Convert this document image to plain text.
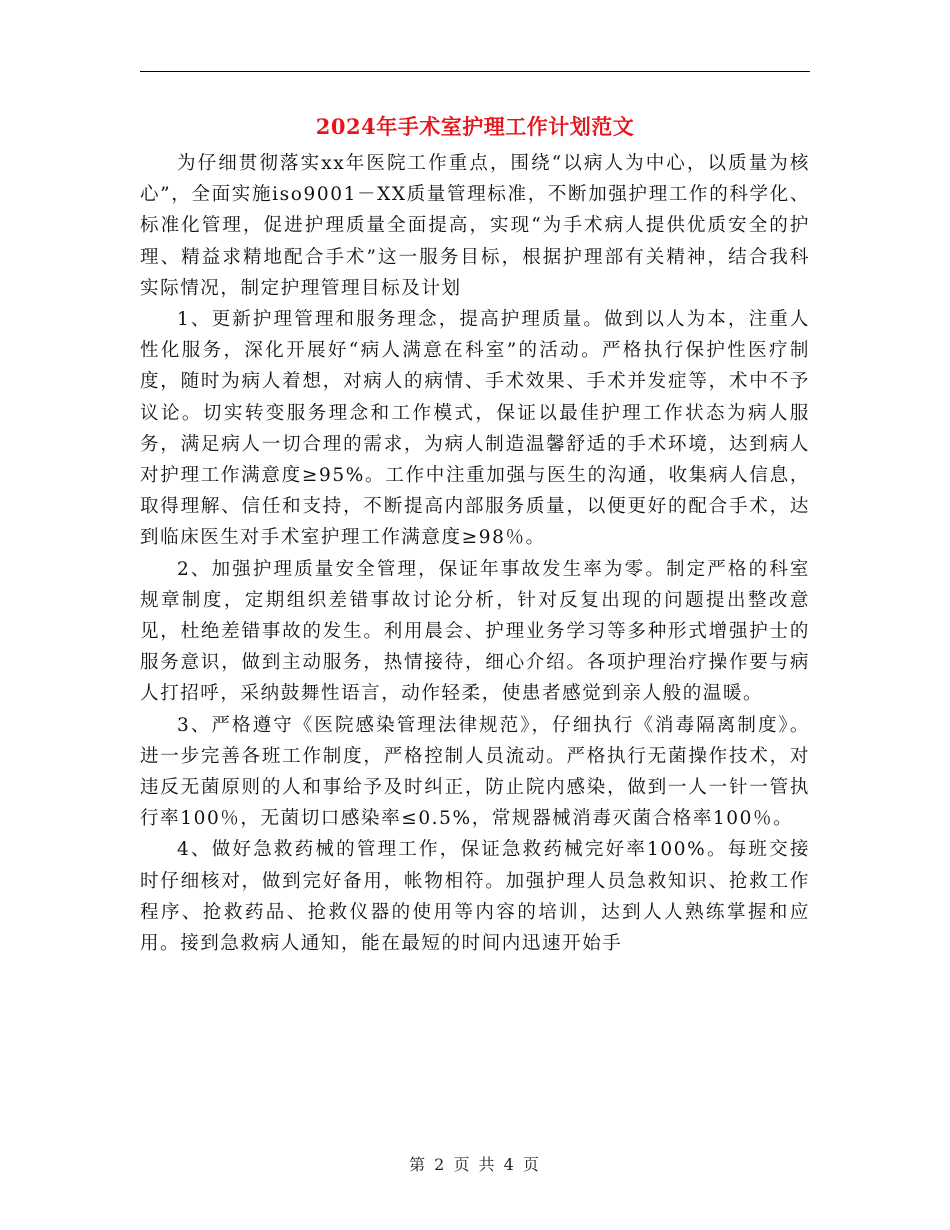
2024年手术室护理工作计划范文

为仔细贯彻落实xx年医院工作重点，围绕“以病人为中心，以质量为核心”，全面实施iso9001－XX质量管理标准，不断加强护理工作的科学化、标准化管理，促进护理质量全面提高，实现“为手术病人提供优质安全的护理、精益求精地配合手术”这一服务目标，根据护理部有关精神，结合我科实际情况，制定护理管理目标及计划

1、更新护理管理和服务理念，提高护理质量。做到以人为本，注重人性化服务，深化开展好“病人满意在科室”的活动。严格执行保护性医疗制度，随时为病人着想，对病人的病情、手术效果、手术并发症等，术中不予议论。切实转变服务理念和工作模式，保证以最佳护理工作状态为病人服务，满足病人一切合理的需求，为病人制造温馨舒适的手术环境，达到病人对护理工作满意度≥95%。工作中注重加强与医生的沟通，收集病人信息，取得理解、信任和支持，不断提高内部服务质量，以便更好的配合手术，达到临床医生对手术室护理工作满意度≥98％。

2、加强护理质量安全管理，保证年事故发生率为零。制定严格的科室规章制度，定期组织差错事故讨论分析，针对反复出现的问题提出整改意见，杜绝差错事故的发生。利用晨会、护理业务学习等多种形式增强护士的服务意识，做到主动服务，热情接待，细心介绍。各项护理治疗操作要与病人打招呼，采纳鼓舞性语言，动作轻柔，使患者感觉到亲人般的温暖。

3、严格遵守《医院感染管理法律规范》，仔细执行《消毒隔离制度》。进一步完善各班工作制度，严格控制人员流动。严格执行无菌操作技术，对违反无菌原则的人和事给予及时纠正，防止院内感染，做到一人一针一管执行率100％，无菌切口感染率≤0.5%，常规器械消毒灭菌合格率100％。

4、做好急救药械的管理工作，保证急救药械完好率100%。每班交接时仔细核对，做到完好备用，帐物相符。加强护理人员急救知识、抢救工作程序、抢救药品、抢救仪器的使用等内容的培训，达到人人熟练掌握和应用。接到急救病人通知，能在最短的时间内迅速开始手

第 2 页 共 4 页
